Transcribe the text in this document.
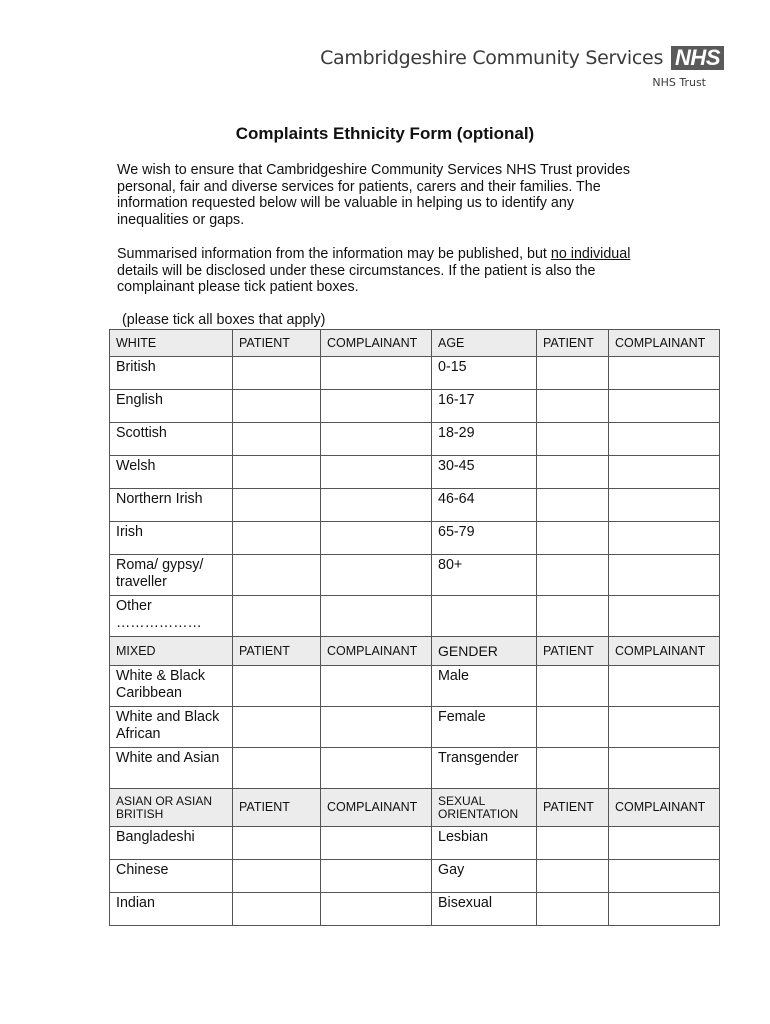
Cambridgeshire Community Services NHS
NHS Trust
Complaints Ethnicity Form (optional)

We wish to ensure that Cambridgeshire Community Services NHS Trust provides personal, fair and diverse services for patients, carers and their families. The information requested below will be valuable in helping us to identify any inequalities or gaps.

Summarised information from the information may be published, but no individual details will be disclosed under these circumstances. If the patient is also the complainant please tick patient boxes.

(please tick all boxes that apply)
WHITE	PATIENT	COMPLAINANT	AGE	PATIENT	COMPLAINANT
British			0-15		
English			16-17		
Scottish			18-29		
Welsh			30-45		
Northern Irish			46-64		
Irish			65-79		
Roma/ gypsy/ traveller			80+		
Other ………………					
MIXED	PATIENT	COMPLAINANT	GENDER	PATIENT	COMPLAINANT
White & Black Caribbean			Male		
White and Black African			Female		
White and Asian			Transgender		
ASIAN OR ASIAN BRITISH	PATIENT	COMPLAINANT	SEXUAL ORIENTATION	PATIENT	COMPLAINANT
Bangladeshi			Lesbian		
Chinese			Gay		
Indian			Bisexual		
